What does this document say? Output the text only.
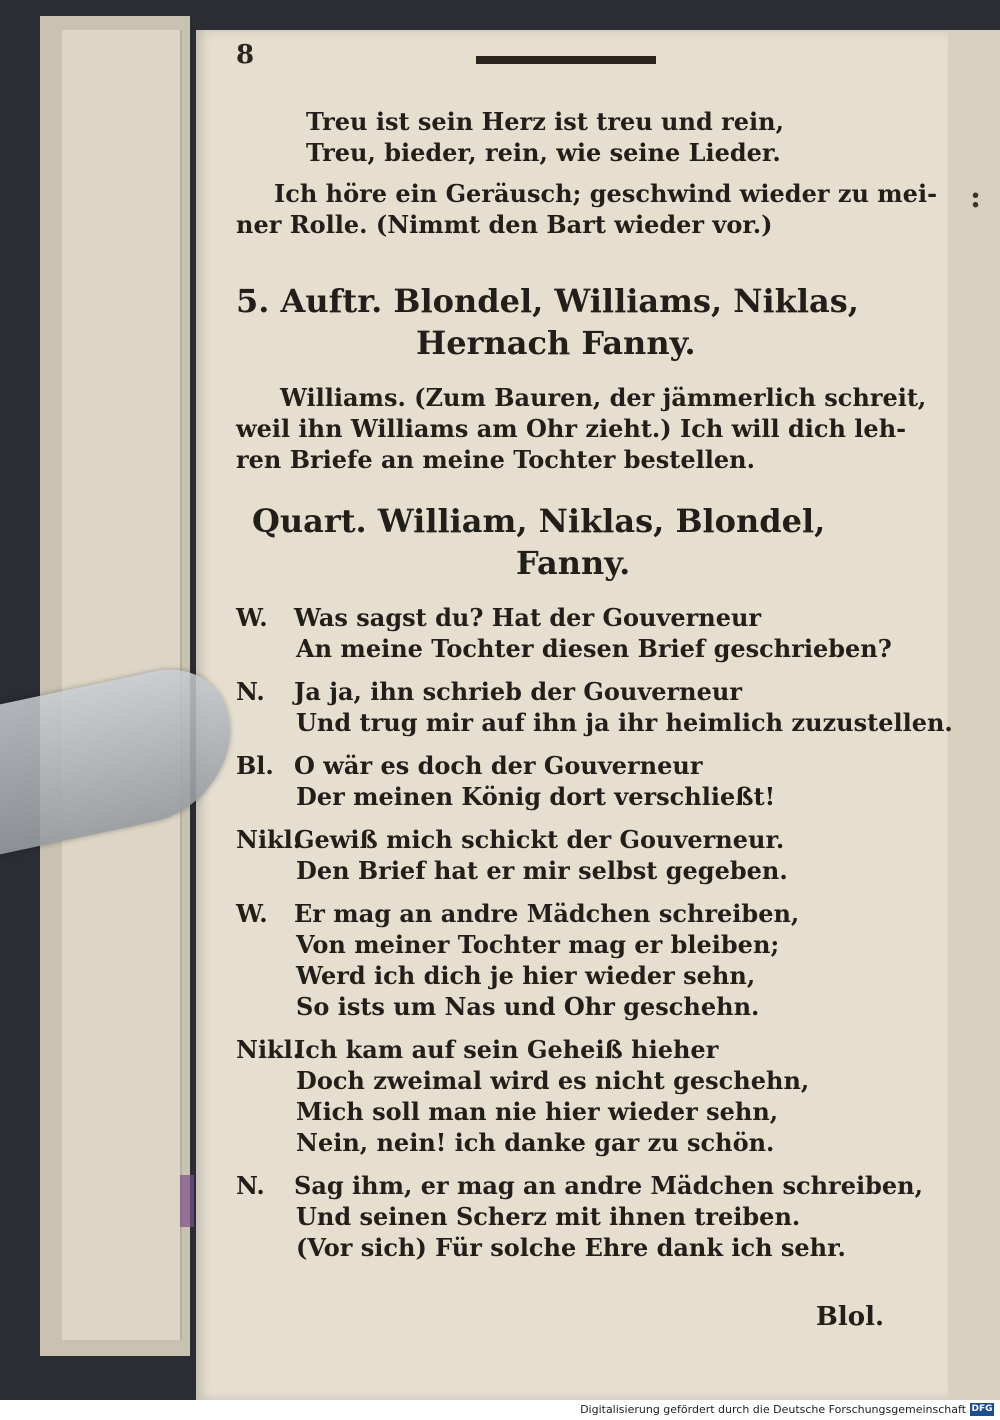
:
8
Treu ist sein Herz ist treu und rein,
Treu, bieder, rein, wie seine Lieder.
Ich höre ein Geräusch; geschwind wieder zu mei-
ner Rolle. (Nimmt den Bart wieder vor.)
5. Auftr. Blondel, Williams, Niklas,
Hernach Fanny.
Williams. (Zum Bauren, der jämmerlich schreit,
weil ihn Williams am Ohr zieht.) Ich will dich leh-
ren Briefe an meine Tochter bestellen.
Quart. William, Niklas, Blondel,
Fanny.
W. Was sagst du? Hat der Gouverneur
An meine Tochter diesen Brief geschrieben?
N. Ja ja, ihn schrieb der Gouverneur
Und trug mir auf ihn ja ihr heimlich zuzustellen.
Bl. O wär es doch der Gouverneur
Der meinen König dort verschließt!
Nikl.Gewiß mich schickt der Gouverneur.
Den Brief hat er mir selbst gegeben.
W. Er mag an andre Mädchen schreiben,
Von meiner Tochter mag er bleiben;
Werd ich dich je hier wieder sehn,
So ists um Nas und Ohr geschehn.
Nikl.Ich kam auf sein Geheiß hieher
Doch zweimal wird es nicht geschehn,
Mich soll man nie hier wieder sehn,
Nein, nein! ich danke gar zu schön.
N. Sag ihm, er mag an andre Mädchen schreiben,
Und seinen Scherz mit ihnen treiben.
(Vor sich) Für solche Ehre dank ich sehr.
Blol.
Digitalisierung gefördert durch die Deutsche Forschungsgemeinschaft DFG
